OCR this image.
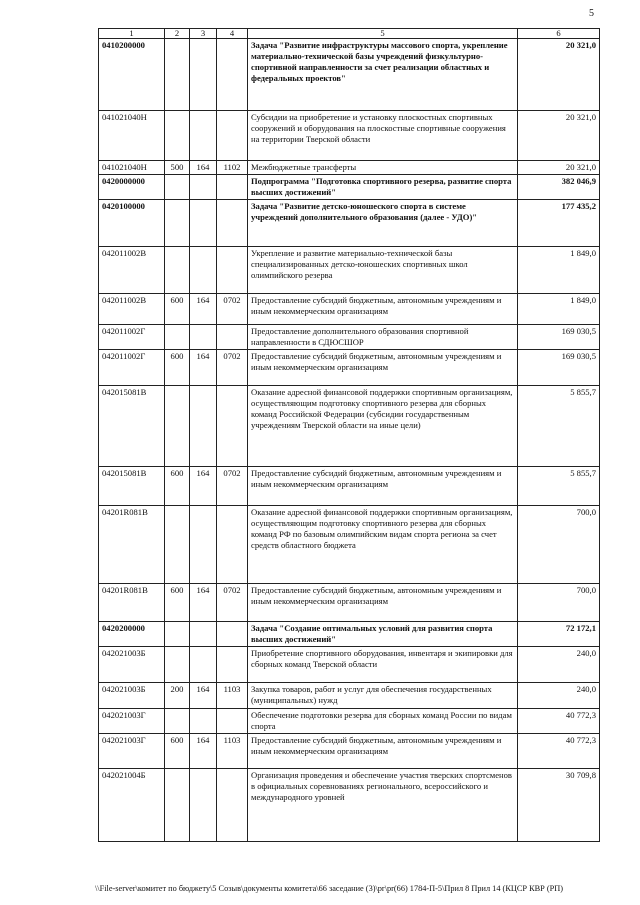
5
1	2	3	4	5	6
0410200000				Задача "Развитие инфраструктуры массового спорта, укрепление материально-технической базы учреждений физкультурно-спортивной направленности за счет реализации областных и федеральных проектов"	20 321,0
041021040Н				Субсидии на приобретение и установку плоскостных спортивных сооружений и оборудования на плоскостные спортивные сооружения на территории Тверской области	20 321,0
041021040Н	500	164	1102	Межбюджетные трансферты	20 321,0
0420000000				Подпрограмма "Подготовка спортивного резерва, развитие спорта высших достижений"	382 046,9
0420100000				Задача "Развитие детско-юношеского спорта в системе учреждений дополнительного образования (далее - УДО)"	177 435,2
042011002В				Укрепление и развитие материально-технической базы специализированных детско-юношеских спортивных школ олимпийского резерва	1 849,0
042011002В	600	164	0702	Предоставление субсидий бюджетным, автономным учреждениям и иным некоммерческим организациям	1 849,0
042011002Г				Предоставление дополнительного образования спортивной направленности в СДЮСШОР	169 030,5
042011002Г	600	164	0702	Предоставление субсидий бюджетным, автономным учреждениям и иным некоммерческим организациям	169 030,5
042015081В				Оказание адресной финансовой поддержки спортивным организациям, осуществляющим подготовку спортивного резерва для сборных команд Российской Федерации (субсидии государственным учреждениям Тверской области на иные цели)	5 855,7
042015081В	600	164	0702	Предоставление субсидий бюджетным, автономным учреждениям и иным некоммерческим организациям	5 855,7
04201R081В				Оказание адресной финансовой поддержки спортивным организациям, осуществляющим подготовку спортивного резерва для сборных команд РФ по базовым олимпийским видам спорта региона за счет средств областного бюджета	700,0
04201R081В	600	164	0702	Предоставление субсидий бюджетным, автономным учреждениям и иным некоммерческим организациям	700,0
0420200000				Задача "Создание оптимальных условий для развития спорта высших достижений"	72 172,1
042021003Б				Приобретение спортивного оборудования, инвентаря и экипировки для сборных команд Тверской области	240,0
042021003Б	200	164	1103	Закупка товаров, работ и услуг для обеспечения государственных (муниципальных) нужд	240,0
042021003Г				Обеспечение подготовки резерва для сборных команд России по видам спорта	40 772,3
042021003Г	600	164	1103	Предоставление субсидий бюджетным, автономным учреждениям и иным некоммерческим организациям	40 772,3
042021004Б				Организация проведения и обеспечение участия тверских спортсменов в официальных соревнованиях регионального, всероссийского и международного уровней	30 709,8
\\File-server\комитет по бюджету\5 Созыв\документы комитета\66 заседание (3)\pr\pr(66) 1784-П-5\Прил 8 Прил 14 (КЦСР КВР (РП)
